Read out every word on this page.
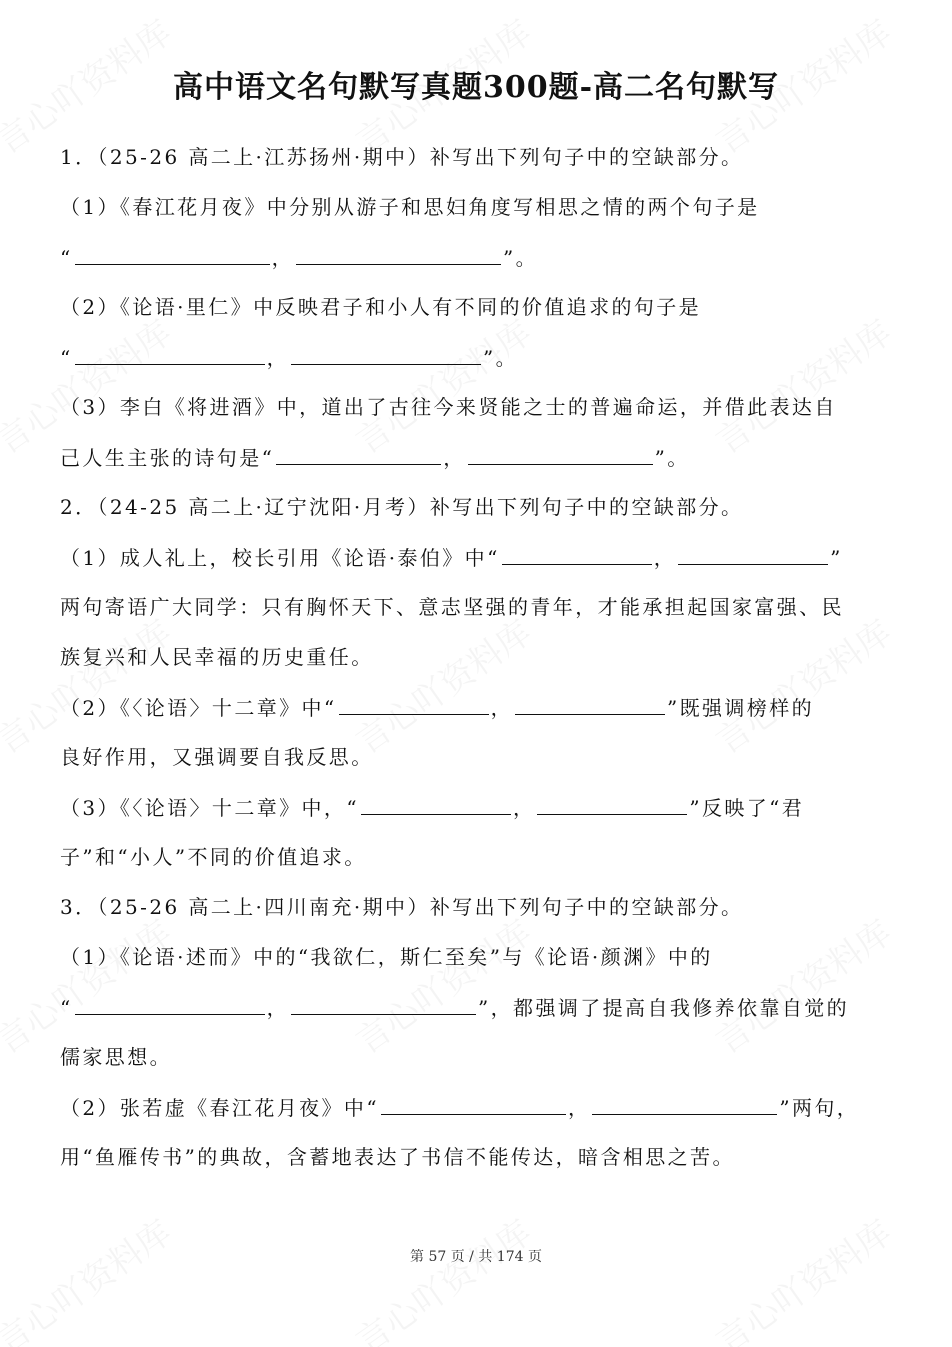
高中语文名句默写真题300题-高二名句默写
1．（25-26 高二上·江苏扬州·期中）补写出下列句子中的空缺部分。
（1）《春江花月夜》中分别从游子和思妇角度写相思之情的两个句子是
“	，	”。
（2）《论语·里仁》中反映君子和小人有不同的价值追求的句子是
“	，	”。
（3）李白《将进酒》中，道出了古往今来贤能之士的普遍命运，并借此表达自
己人生主张的诗句是“	，	”。
2．（24-25 高二上·辽宁沈阳·月考）补写出下列句子中的空缺部分。
（1）成人礼上，校长引用《论语·泰伯》中“	，	”
两句寄语广大同学：只有胸怀天下、意志坚强的青年，才能承担起国家富强、民
族复兴和人民幸福的历史重任。
（2）《〈论语〉十二章》中“	，	”既强调榜样的
良好作用，又强调要自我反思。
（3）《〈论语〉十二章》中，“	，	”反映了“君
子”和“小人”不同的价值追求。
3．（25-26 高二上·四川南充·期中）补写出下列句子中的空缺部分。
（1）《论语·述而》中的“我欲仁，斯仁至矣”与《论语·颜渊》中的
“	，	”，都强调了提高自我修养依靠自觉的
儒家思想。
（2）张若虚《春江花月夜》中“	，	”两句，
用“鱼雁传书”的典故，含蓄地表达了书信不能传达，暗含相思之苦。
第 57 页 / 共 174 页
